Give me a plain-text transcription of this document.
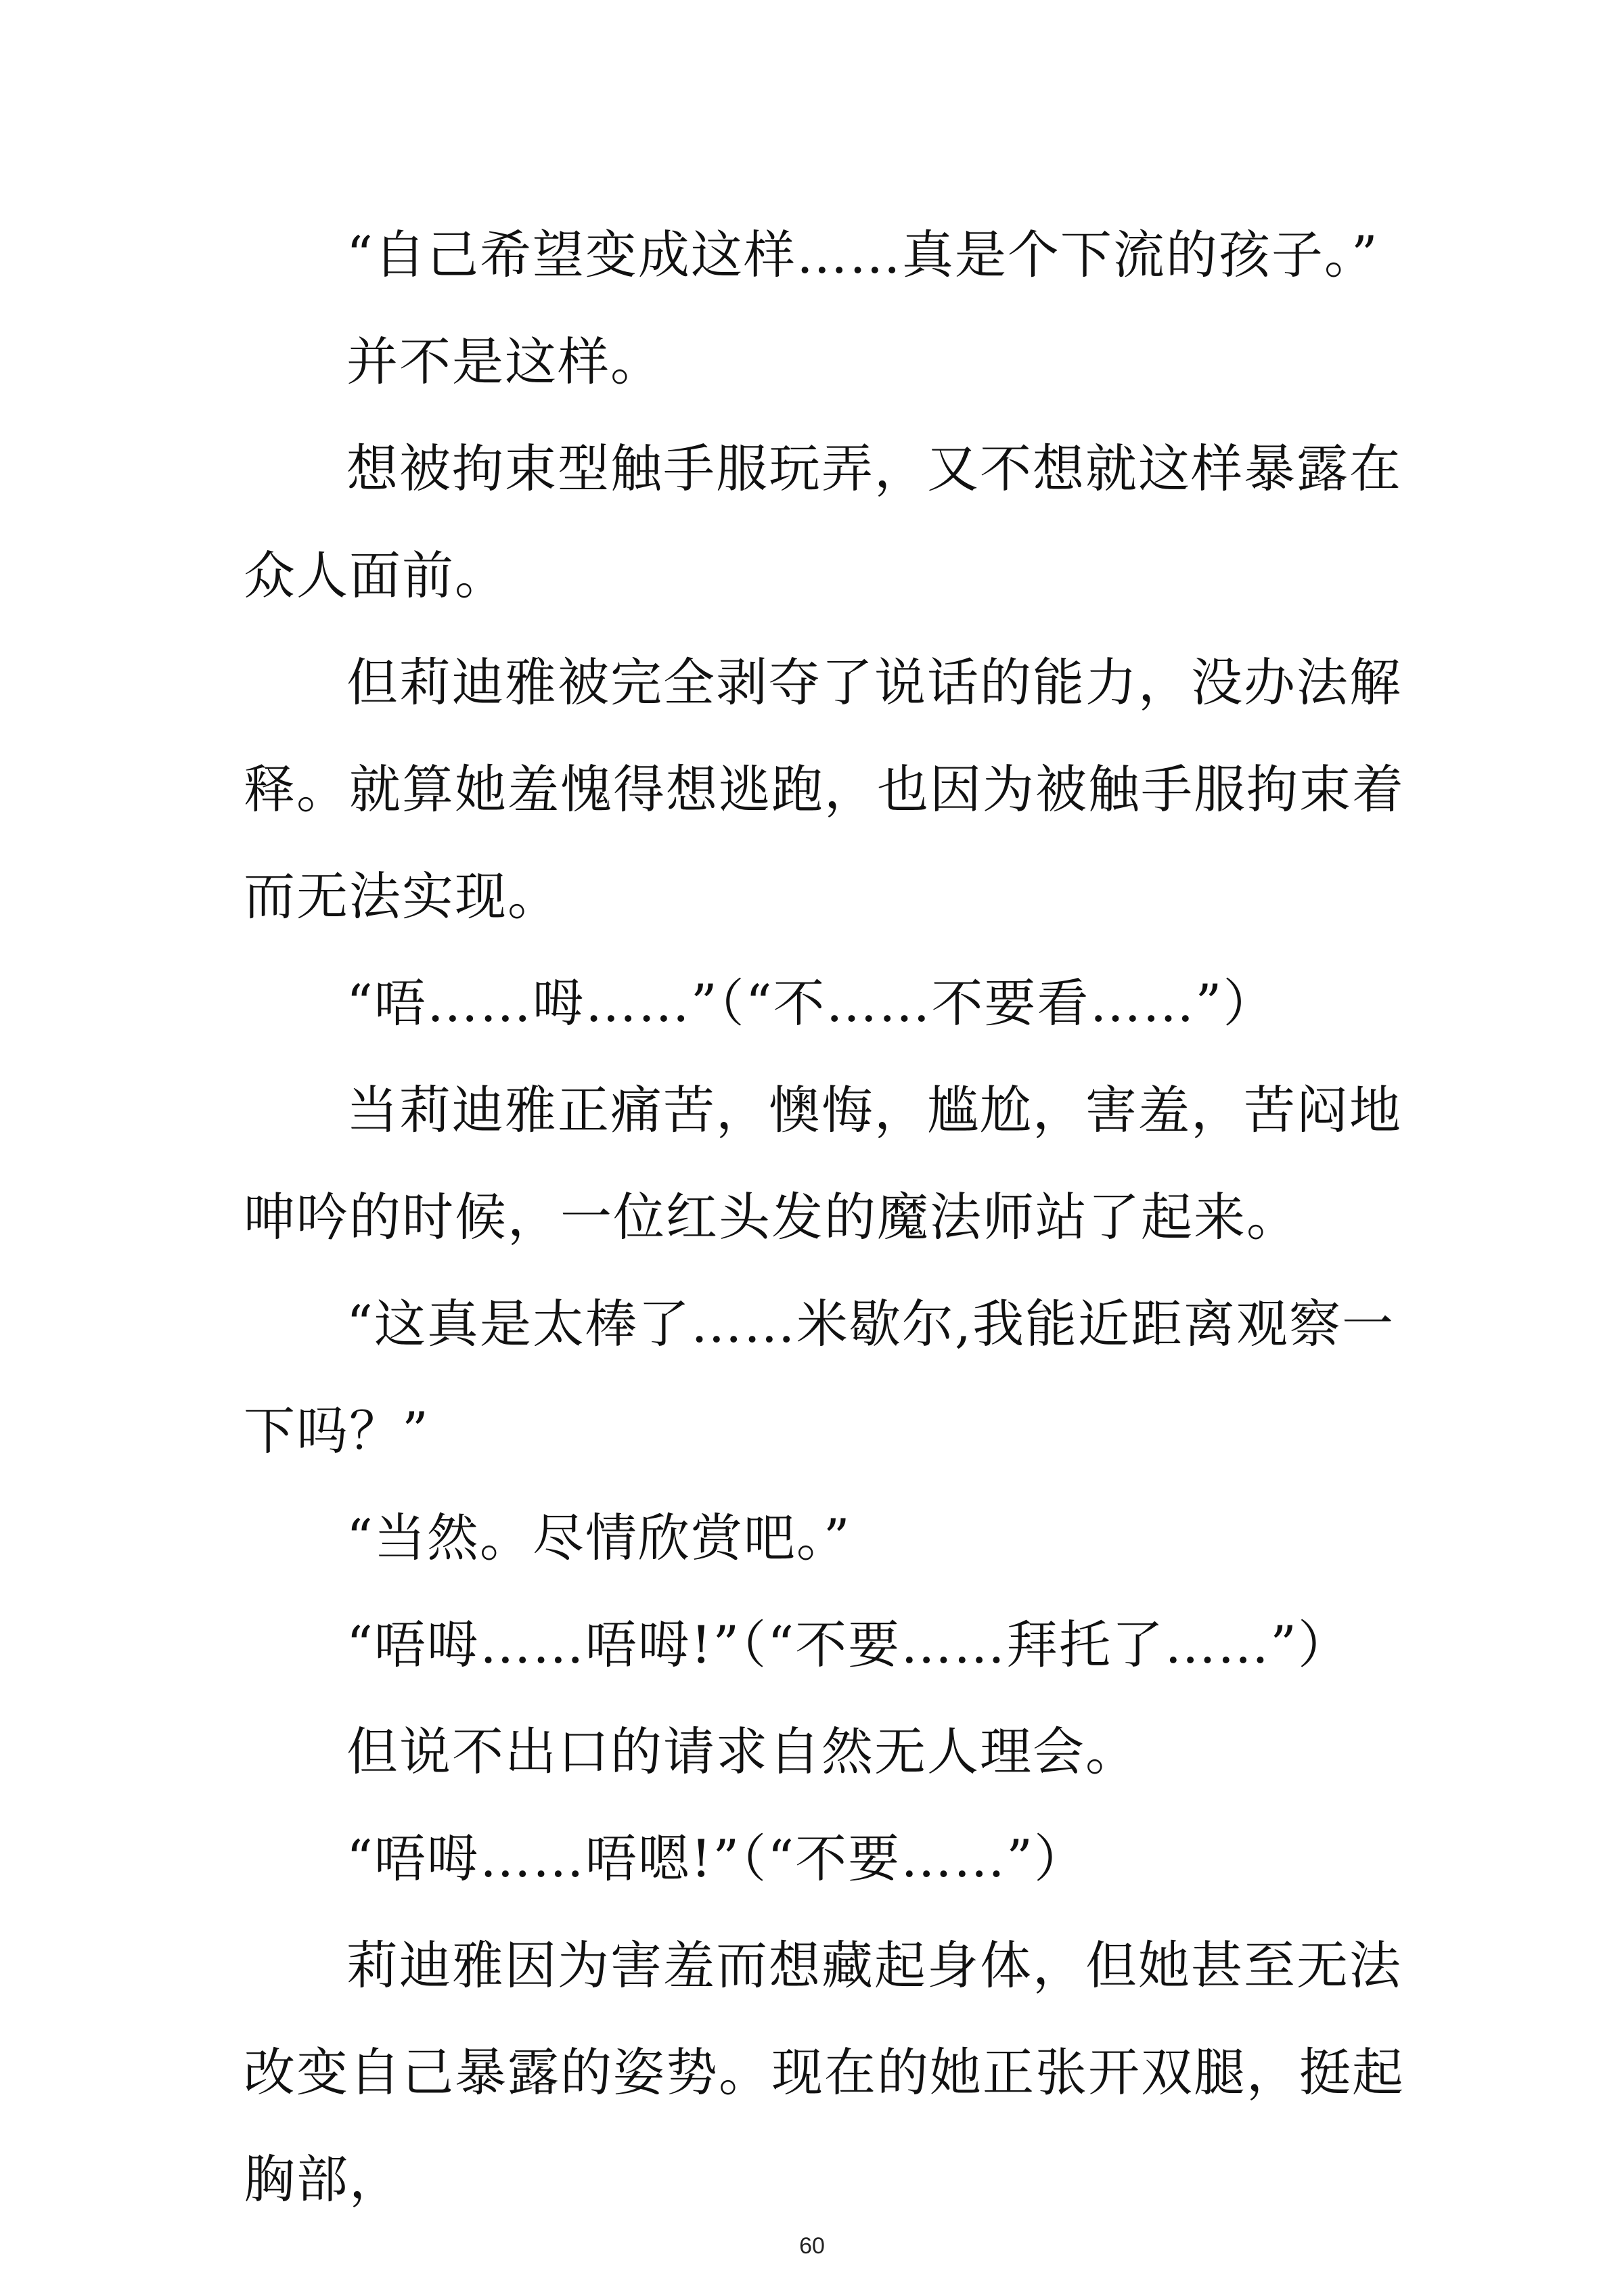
“自己希望变成这样……真是个下流的孩子。”

并不是这样。

想被拘束型触手服玩弄，又不想就这样暴露在众人面前。

但莉迪雅被完全剥夺了说话的能力，没办法解释。就算她羞愧得想逃跑，也因为被触手服拘束着而无法实现。

“唔……呣……”（“不……不要看……”）

当莉迪雅正痛苦，懊悔，尴尬，害羞，苦闷地呻吟的时候，一位红头发的魔法师站了起来。

“这真是太棒了……米歇尔,我能近距离观察一下吗？”

“当然。尽情欣赏吧。”

“唔呣……唔呣!”（“不要……拜托了……”）

但说不出口的请求自然无人理会。

“唔呣……唔嗯!”（“不要……”）

莉迪雅因为害羞而想藏起身体，但她甚至无法改变自己暴露的姿势。现在的她正张开双腿，挺起胸部，

60
